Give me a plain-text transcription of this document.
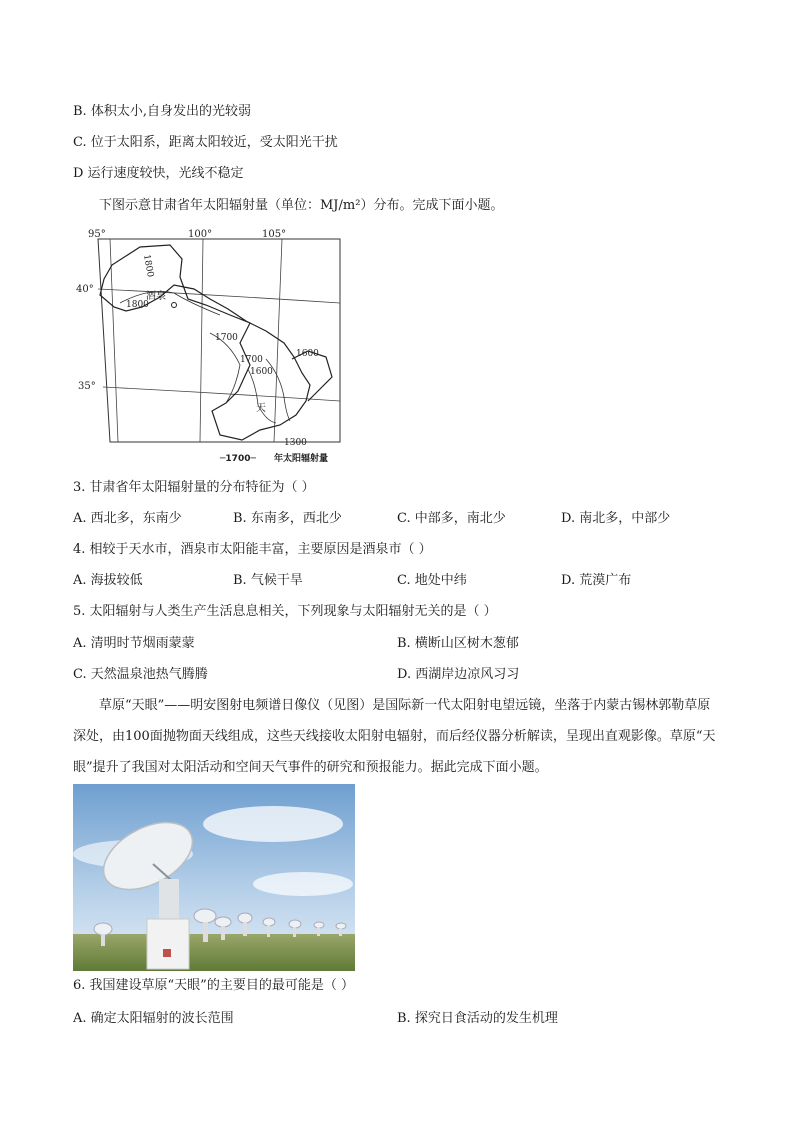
B. 体积太小,自身发出的光较弱
C. 位于太阳系，距离太阳较近，受太阳光干扰
D 运行速度较快，光线不稳定
下图示意甘肃省年太阳辐射量（单位：MJ/m²）分布。完成下面小题。
95°	100°	105°
40°
35°
酒泉
天
1800
1800
1700
1700
1600
1600
1300
─1700─ 年太阳辐射量
3. 甘肃省年太阳辐射量的分布特征为（ ）
A. 西北多，东南少	B. 东南多，西北少	C. 中部多，南北少	D. 南北多，中部少
4. 相较于天水市，酒泉市太阳能丰富，主要原因是酒泉市（ ）
A. 海拔较低	B. 气候干旱	C. 地处中纬	D. 荒漠广布
5. 太阳辐射与人类生产生活息息相关，下列现象与太阳辐射无关的是（ ）
A. 清明时节烟雨蒙蒙	B. 横断山区树木葱郁
C. 天然温泉池热气腾腾	D. 西湖岸边凉风习习
草原“天眼”——明安图射电频谱日像仪（见图）是国际新一代太阳射电望远镜，坐落于内蒙古锡林郭勒草原深处，由100面抛物面天线组成，这些天线接收太阳射电辐射，而后经仪器分析解读，呈现出直观影像。草原“天眼”提升了我国对太阳活动和空间天气事件的研究和预报能力。据此完成下面小题。
6. 我国建设草原“天眼”的主要目的最可能是（ ）
A. 确定太阳辐射的波长范围	B. 探究日食活动的发生机理
